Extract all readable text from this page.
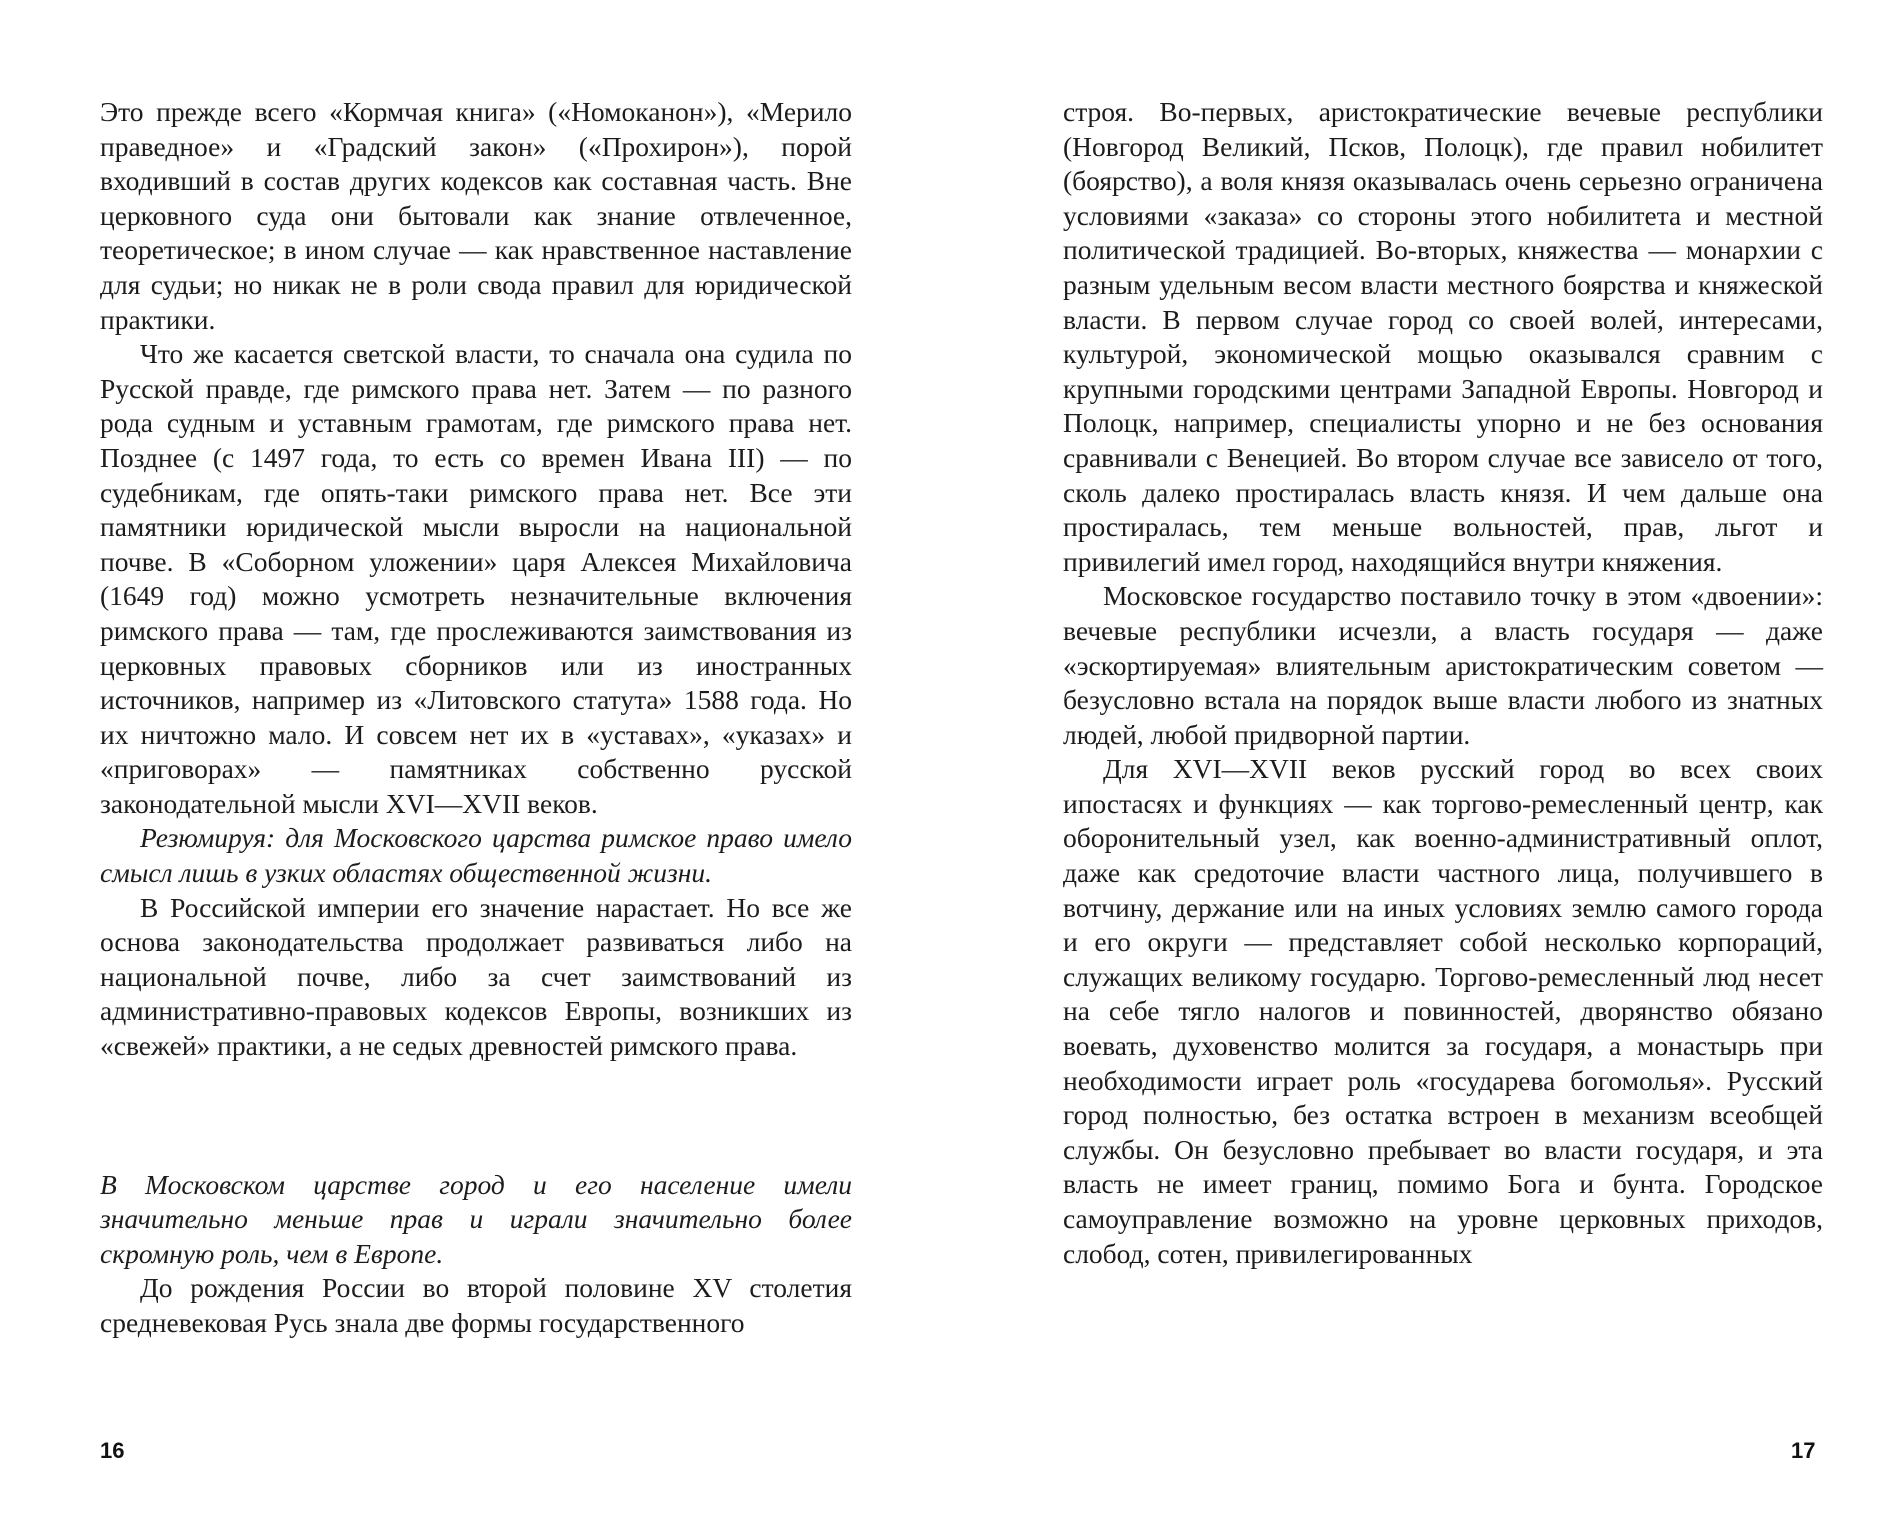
Это прежде всего «Кормчая книга» («Номоканон»), «Мерило праведное» и «Градский закон» («Прохирон»), порой входивший в состав других кодексов как составная часть. Вне церковного суда они бытовали как знание отвлеченное, теоретическое; в ином случае — как нравственное наставление для судьи; но никак не в роли свода правил для юридической практики.

Что же касается светской власти, то сначала она судила по Русской правде, где римского права нет. Затем — по разного рода судным и уставным грамотам, где римского права нет. Позднее (с 1497 года, то есть со времен Ивана III) — по судебникам, где опять-таки римского права нет. Все эти памятники юридической мысли выросли на национальной почве. В «Соборном уложении» царя Алексея Михайловича (1649 год) можно усмотреть незначительные включения римского права — там, где прослеживаются заимствования из церковных правовых сборников или из иностранных источников, например из «Литовского статута» 1588 года. Но их ничтожно мало. И совсем нет их в «уставах», «указах» и «приговорах» — памятниках собственно русской законодательной мысли XVI—XVII веков.

Резюмируя: для Московского царства римское право имело смысл лишь в узких областях общественной жизни.

В Российской империи его значение нарастает. Но все же основа законодательства продолжает развиваться либо на национальной почве, либо за счет заимствований из административно-правовых кодексов Европы, возникших из «свежей» практики, а не седых древностей римского права.

В Московском царстве город и его население имели значительно меньше прав и играли значительно более скромную роль, чем в Европе.

До рождения России во второй половине XV столетия средневековая Русь знала две формы государственного

16

строя. Во-первых, аристократические вечевые республики (Новгород Великий, Псков, Полоцк), где правил нобилитет (боярство), а воля князя оказывалась очень серьезно ограничена условиями «заказа» со стороны этого нобилитета и местной политической традицией. Во-вторых, княжества — монархии с разным удельным весом власти местного боярства и княжеской власти. В первом случае город со своей волей, интересами, культурой, экономической мощью оказывался сравним с крупными городскими центрами Западной Европы. Новгород и Полоцк, например, специалисты упорно и не без основания сравнивали с Венецией. Во втором случае все зависело от того, сколь далеко простиралась власть князя. И чем дальше она простиралась, тем меньше вольностей, прав, льгот и привилегий имел город, находящийся внутри княжения.

Московское государство поставило точку в этом «двоении»: вечевые республики исчезли, а власть государя — даже «эскортируемая» влиятельным аристократическим советом — безусловно встала на порядок выше власти любого из знатных людей, любой придворной партии.

Для XVI—XVII веков русский город во всех своих ипостасях и функциях — как торгово-ремесленный центр, как оборонительный узел, как военно-административный оплот, даже как средоточие власти частного лица, получившего в вотчину, держание или на иных условиях землю самого города и его округи — представляет собой несколько корпораций, служащих великому государю. Торгово-ремесленный люд несет на себе тягло налогов и повинностей, дворянство обязано воевать, духовенство молится за государя, а монастырь при необходимости играет роль «государева богомолья». Русский город полностью, без остатка встроен в механизм всеобщей службы. Он безусловно пребывает во власти государя, и эта власть не имеет границ, помимо Бога и бунта. Городское самоуправление возможно на уровне церковных приходов, слобод, сотен, привилегированных

17
